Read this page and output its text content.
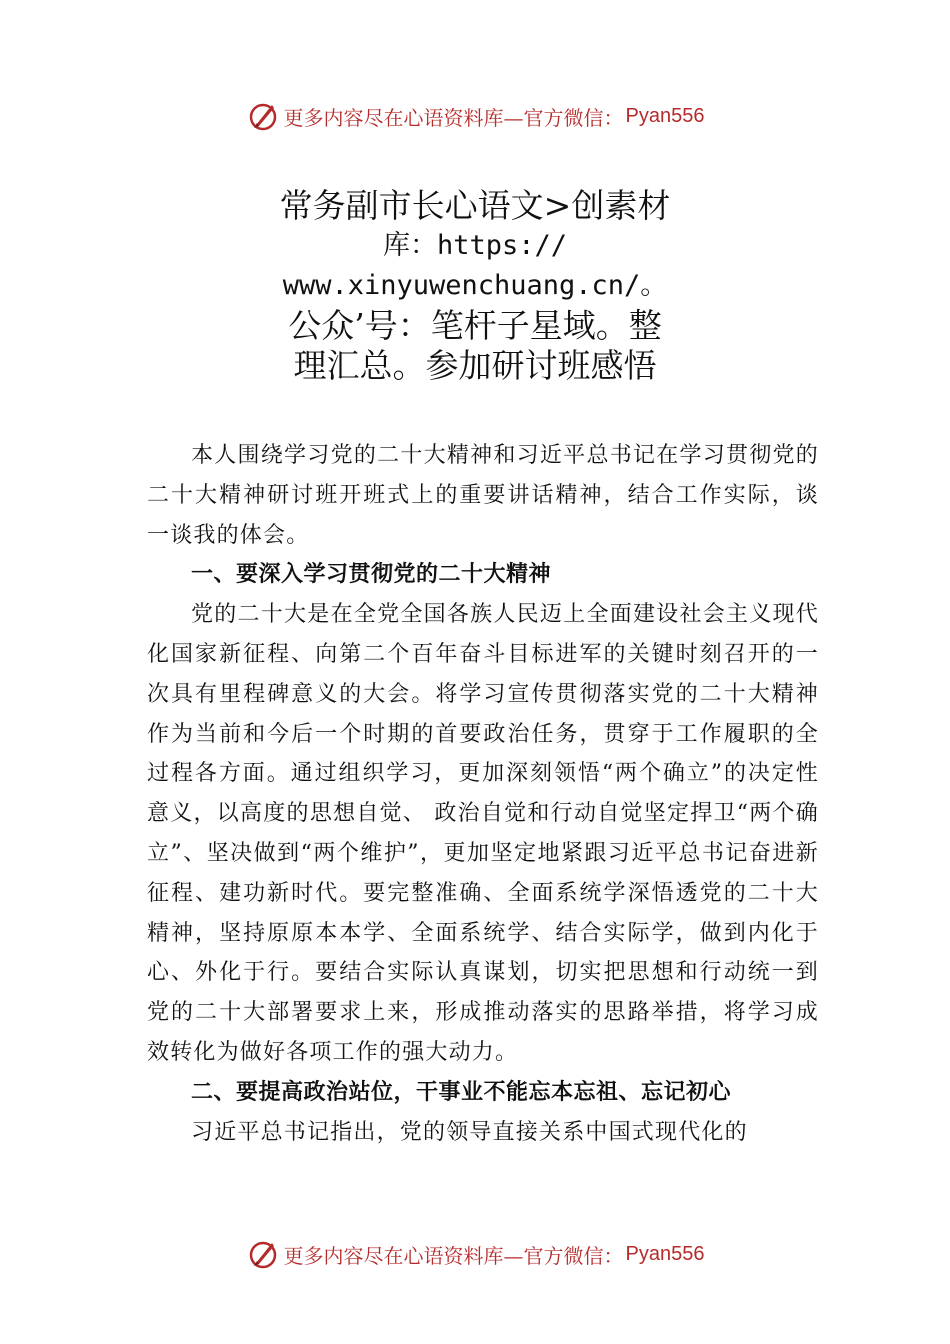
更多内容尽在心语资料库—官方微信： Pyan556
常务副市长心语文>创素材
库：https://
www.xinyuwenchuang.cn/。
公众’号：笔杆子星域。整
理汇总。参加研讨班感悟

本人围绕学习党的二十大精神和习近平总书记在学习贯彻党的二十大精神研讨班开班式上的重要讲话精神，结合工作实际，谈一谈我的体会。

一、要深入学习贯彻党的二十大精神

党的二十大是在全党全国各族人民迈上全面建设社会主义现代化国家新征程、向第二个百年奋斗目标进军的关键时刻召开的一次具有里程碑意义的大会。将学习宣传贯彻落实党的二十大精神作为当前和今后一个时期的首要政治任务，贯穿于工作履职的全过程各方面。通过组织学习，更加深刻领悟“两个确立”的决定性意义，以高度的思想自觉、 政治自觉和行动自觉坚定捍卫“两个确立”、坚决做到“两个维护”，更加坚定地紧跟习近平总书记奋进新征程、建功新时代。要完整准确、全面系统学深悟透党的二十大精神，坚持原原本本学、全面系统学、结合实际学，做到内化于心、外化于行。要结合实际认真谋划，切实把思想和行动统一到党的二十大部署要求上来，形成推动落实的思路举措，将学习成效转化为做好各项工作的强大动力。

二、要提高政治站位，干事业不能忘本忘祖、忘记初心

习近平总书记指出，党的领导直接关系中国式现代化的

更多内容尽在心语资料库—官方微信： Pyan556
